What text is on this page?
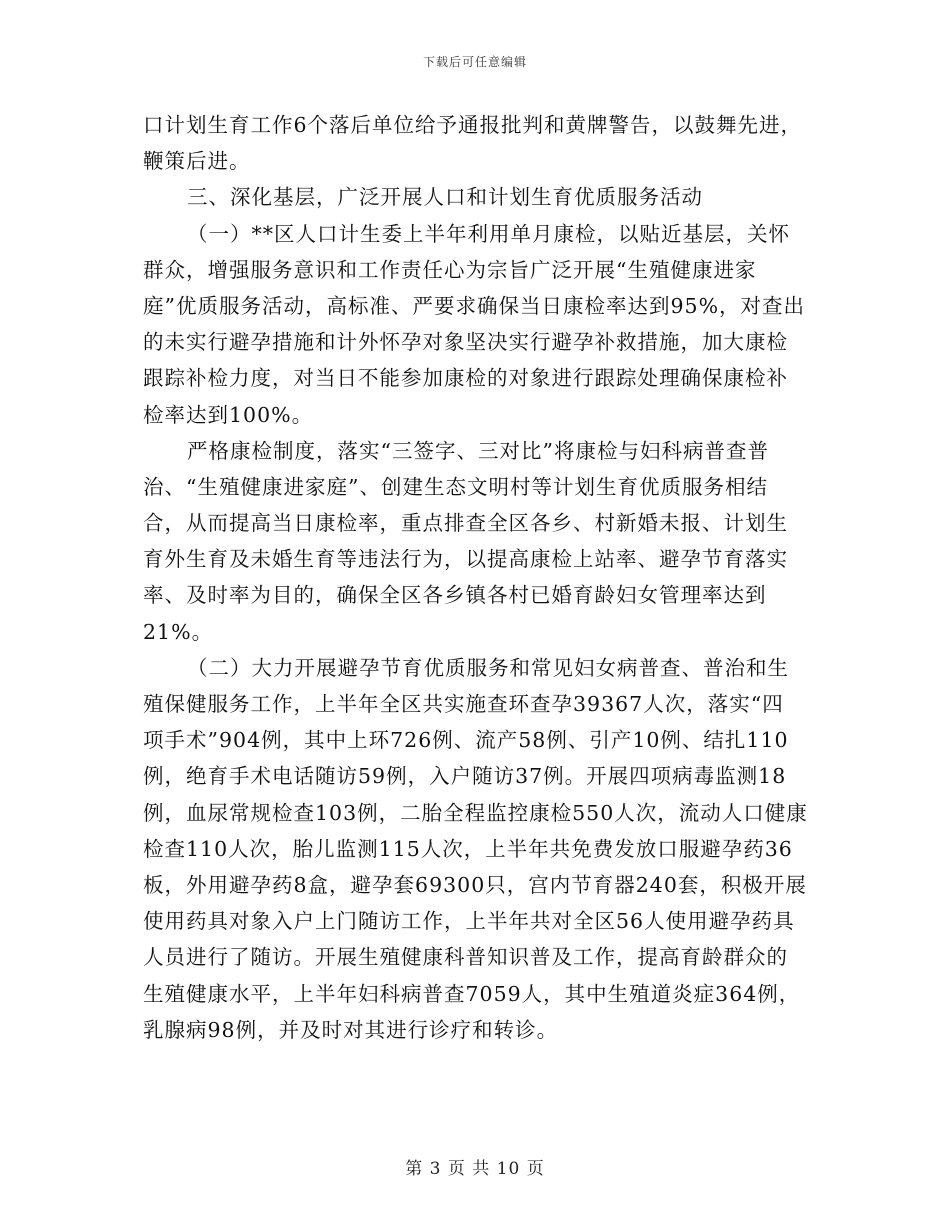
下载后可任意编辑
口计划生育工作6个落后单位给予通报批判和黄牌警告，以鼓舞先进，
鞭策后进。
三、深化基层，广泛开展人口和计划生育优质服务活动
（一）**区人口计生委上半年利用单月康检，以贴近基层，关怀
群众，增强服务意识和工作责任心为宗旨广泛开展“生殖健康进家
庭”优质服务活动，高标准、严要求确保当日康检率达到95%，对查出
的未实行避孕措施和计外怀孕对象坚决实行避孕补救措施，加大康检
跟踪补检力度，对当日不能参加康检的对象进行跟踪处理确保康检补
检率达到100%。
严格康检制度，落实“三签字、三对比”将康检与妇科病普查普
治、“生殖健康进家庭”、创建生态文明村等计划生育优质服务相结
合，从而提高当日康检率，重点排查全区各乡、村新婚未报、计划生
育外生育及未婚生育等违法行为，以提高康检上站率、避孕节育落实
率、及时率为目的，确保全区各乡镇各村已婚育龄妇女管理率达到
21%。
（二）大力开展避孕节育优质服务和常见妇女病普查、普治和生
殖保健服务工作，上半年全区共实施查环查孕39367人次，落实“四
项手术”904例，其中上环726例、流产58例、引产10例、结扎110
例，绝育手术电话随访59例，入户随访37例。开展四项病毒监测18
例，血尿常规检查103例，二胎全程监控康检550人次，流动人口健康
检查110人次，胎儿监测115人次，上半年共免费发放口服避孕药36
板，外用避孕药8盒，避孕套69300只，宫内节育器240套，积极开展
使用药具对象入户上门随访工作，上半年共对全区56人使用避孕药具
人员进行了随访。开展生殖健康科普知识普及工作，提高育龄群众的
生殖健康水平，上半年妇科病普查7059人，其中生殖道炎症364例，
乳腺病98例，并及时对其进行诊疗和转诊。
第 3 页 共 10 页
